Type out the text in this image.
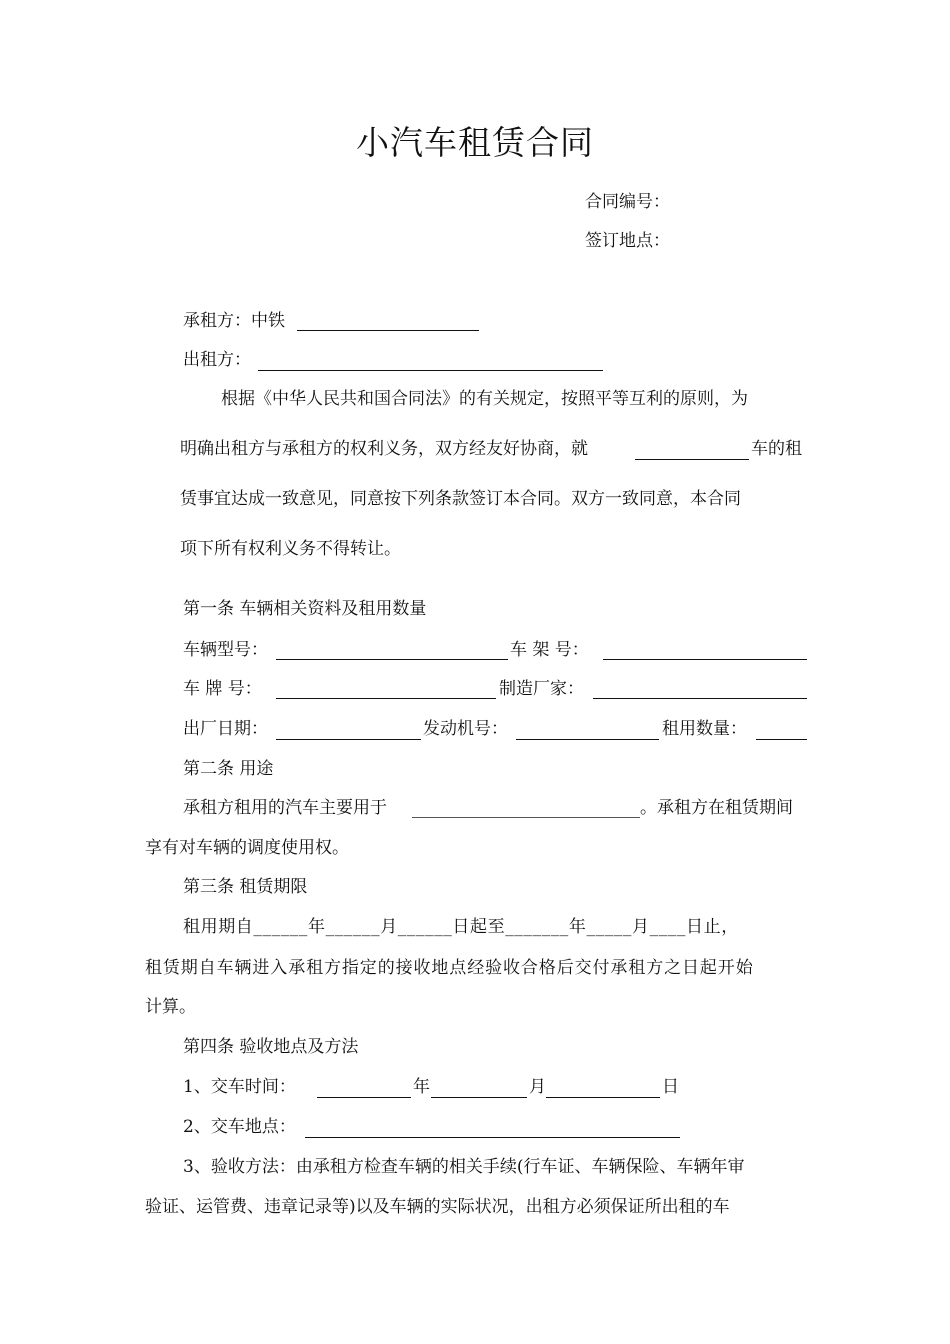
小汽车租赁合同
合同编号：
签订地点：
承租方：中铁
出租方：
根据《中华人民共和国合同法》的有关规定，按照平等互利的原则，为
明确出租方与承租方的权利义务，双方经友好协商，就	车的租
赁事宜达成一致意见，同意按下列条款签订本合同。双方一致同意，本合同
项下所有权利义务不得转让。
第一条 车辆相关资料及租用数量
车辆型号：	车 架 号：
车 牌 号：	制造厂家：
出厂日期：	发动机号：	租用数量：
第二条 用途
承租方租用的汽车主要用于	。承租方在租赁期间
享有对车辆的调度使用权。
第三条 租赁期限
租用期自______年______月______日起至_______年_____月____日止，
租赁期自车辆进入承租方指定的接收地点经验收合格后交付承租方之日起开始
计算。
第四条 验收地点及方法
1、交车时间：	年	月	日
2、交车地点：
3、验收方法：由承租方检查车辆的相关手续(行车证、车辆保险、车辆年审
验证、运管费、违章记录等)以及车辆的实际状况，出租方必须保证所出租的车
